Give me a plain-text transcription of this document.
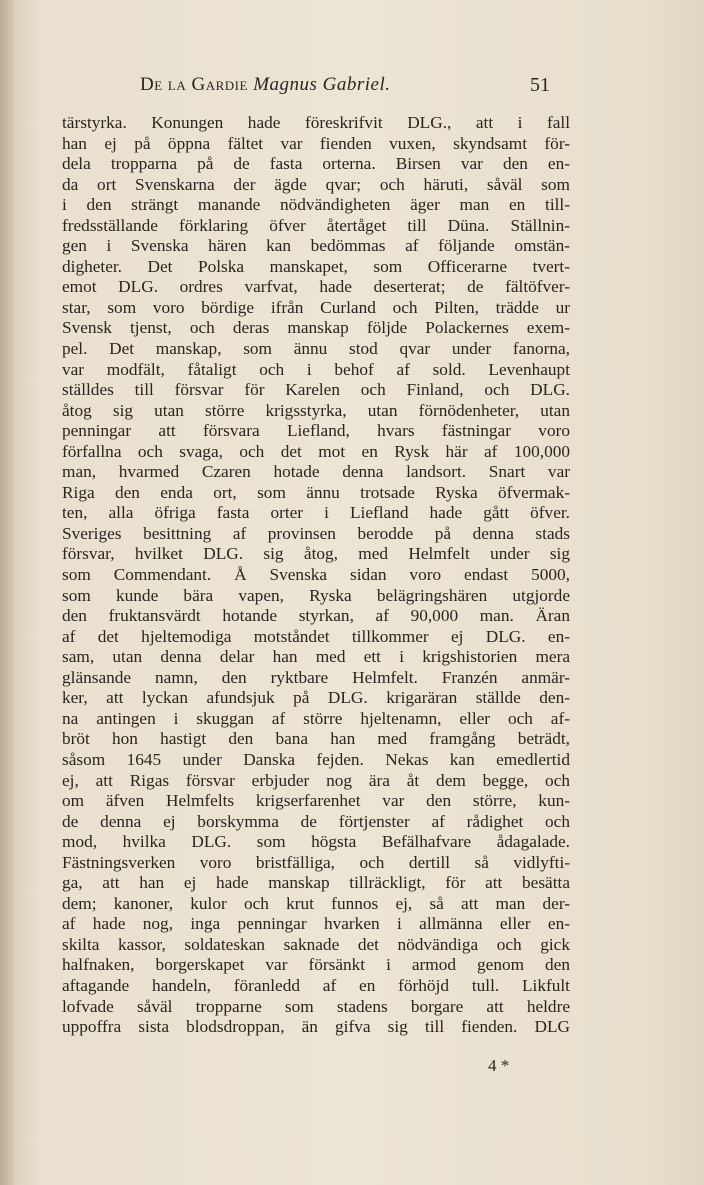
De la Gardie Magnus Gabriel.	51
tärstyrka. Konungen hade föreskrifvit DLG., att i fall
han ej på öppna fältet var fienden vuxen, skyndsamt för-
dela tropparna på de fasta orterna. Birsen var den en-
da ort Svenskarna der ägde qvar; och häruti, såväl som
i den strängt manande nödvändigheten äger man en till-
fredsställande förklaring öfver återtåget till Düna. Ställnin-
gen i Svenska hären kan bedömmas af följande omstän-
digheter. Det Polska manskapet, som Officerarne tvert-
emot DLG. ordres varfvat, hade deserterat; de fältöfver-
star, som voro bördige ifrån Curland och Pilten, trädde ur
Svensk tjenst, och deras manskap följde Polackernes exem-
pel. Det manskap, som ännu stod qvar under fanorna,
var modfält, fåtaligt och i behof af sold. Levenhaupt
ställdes till försvar för Karelen och Finland, och DLG.
åtog sig utan större krigsstyrka, utan förnödenheter, utan
penningar att försvara Liefland, hvars fästningar voro
förfallna och svaga, och det mot en Rysk här af 100,000
man, hvarmed Czaren hotade denna landsort. Snart var
Riga den enda ort, som ännu trotsade Ryska öfvermak-
ten, alla öfriga fasta orter i Liefland hade gått öfver.
Sveriges besittning af provinsen berodde på denna stads
försvar, hvilket DLG. sig åtog, med Helmfelt under sig
som Commendant. Å Svenska sidan voro endast 5000,
som kunde bära vapen, Ryska belägringshären utgjorde
den fruktansvärdt hotande styrkan, af 90,000 man. Äran
af det hjeltemodiga motståndet tillkommer ej DLG. en-
sam, utan denna delar han med ett i krigshistorien mera
glänsande namn, den ryktbare Helmfelt. Franzén anmär-
ker, att lyckan afundsjuk på DLG. krigaräran ställde den-
na antingen i skuggan af större hjeltenamn, eller och af-
bröt hon hastigt den bana han med framgång beträdt,
såsom 1645 under Danska fejden. Nekas kan emedlertid
ej, att Rigas försvar erbjuder nog ära åt dem begge, och
om äfven Helmfelts krigserfarenhet var den större, kun-
de denna ej borskymma de förtjenster af rådighet och
mod, hvilka DLG. som högsta Befälhafvare ådagalade.
Fästningsverken voro bristfälliga, och dertill så vidlyfti-
ga, att han ej hade manskap tillräckligt, för att besätta
dem; kanoner, kulor och krut funnos ej, så att man der-
af hade nog, inga penningar hvarken i allmänna eller en-
skilta kassor, soldateskan saknade det nödvändiga och gick
halfnaken, borgerskapet var försänkt i armod genom den
aftagande handeln, föranledd af en förhöjd tull. Likfult
lofvade såväl tropparne som stadens borgare att heldre
uppoffra sista blodsdroppan, än gifva sig till fienden. DLG
4 *
